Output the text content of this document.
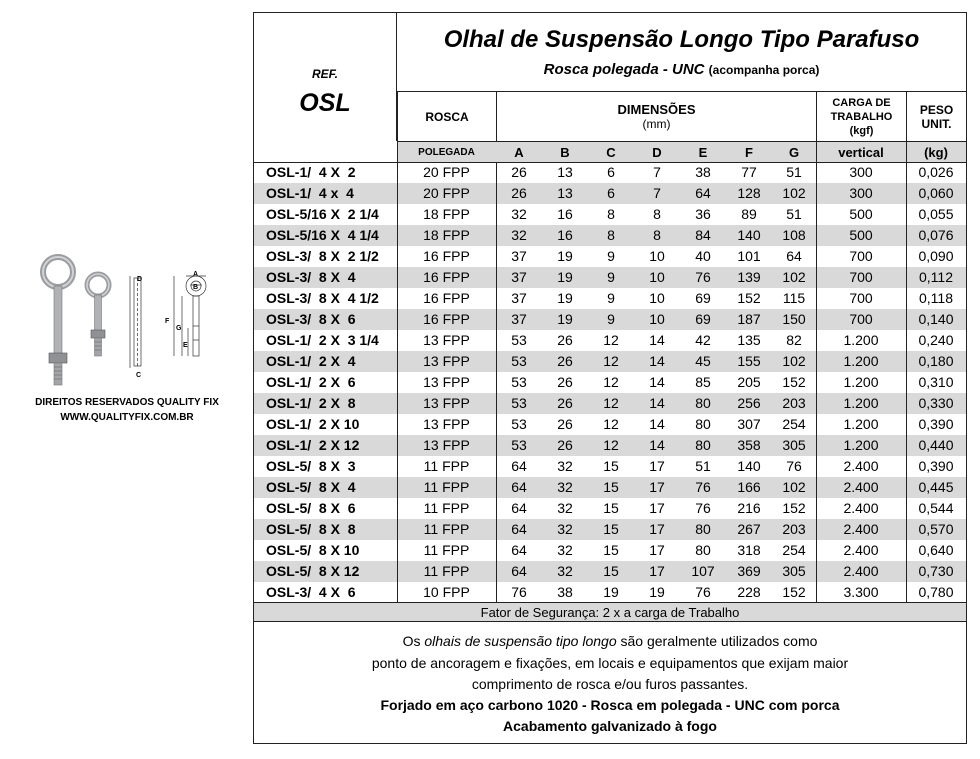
D
C
A
B
F
G
E
DIREITOS RESERVADOS QUALITY FIX
WWW.QUALITYFIX.COM.BR
REF.
OSL
Olhal de Suspensão Longo Tipo Parafuso
Rosca polegada - UNC (acompanha porca)
ROSCA	DIMENSÕES
(mm)
CARGA DE
TRABALHO
(kgf)
PESO
UNIT.
POLEGADA	A	B	C	D	E	F	G	vertical	(kg)
OSL-1/  4 X  2	20 FPP	26	13	6	7	38	77	51	300	0,026
OSL-1/  4 x  4	20 FPP	26	13	6	7	64	128	102	300	0,060
OSL-5/16 X  2 1/4	18 FPP	32	16	8	8	36	89	51	500	0,055
OSL-5/16 X  4 1/4	18 FPP	32	16	8	8	84	140	108	500	0,076
OSL-3/  8 X  2 1/2	16 FPP	37	19	9	10	40	101	64	700	0,090
OSL-3/  8 X  4	16 FPP	37	19	9	10	76	139	102	700	0,112
OSL-3/  8 X  4 1/2	16 FPP	37	19	9	10	69	152	115	700	0,118
OSL-3/  8 X  6	16 FPP	37	19	9	10	69	187	150	700	0,140
OSL-1/  2 X  3 1/4	13 FPP	53	26	12	14	42	135	82	1.200	0,240
OSL-1/  2 X  4	13 FPP	53	26	12	14	45	155	102	1.200	0,180
OSL-1/  2 X  6	13 FPP	53	26	12	14	85	205	152	1.200	0,310
OSL-1/  2 X  8	13 FPP	53	26	12	14	80	256	203	1.200	0,330
OSL-1/  2 X 10	13 FPP	53	26	12	14	80	307	254	1.200	0,390
OSL-1/  2 X 12	13 FPP	53	26	12	14	80	358	305	1.200	0,440
OSL-5/  8 X  3	11 FPP	64	32	15	17	51	140	76	2.400	0,390
OSL-5/  8 X  4	11 FPP	64	32	15	17	76	166	102	2.400	0,445
OSL-5/  8 X  6	11 FPP	64	32	15	17	76	216	152	2.400	0,544
OSL-5/  8 X  8	11 FPP	64	32	15	17	80	267	203	2.400	0,570
OSL-5/  8 X 10	11 FPP	64	32	15	17	80	318	254	2.400	0,640
OSL-5/  8 X 12	11 FPP	64	32	15	17	107	369	305	2.400	0,730
OSL-3/  4 X  6	10 FPP	76	38	19	19	76	228	152	3.300	0,780
Fator de Segurança: 2 x a carga de Trabalho
Os olhais de suspensão tipo longo são geralmente utilizados como
ponto de ancoragem e fixações, em locais e equipamentos que exijam maior
comprimento de rosca e/ou furos passantes.
Forjado em aço carbono 1020 - Rosca em polegada - UNC com porca
Acabamento galvanizado à fogo
